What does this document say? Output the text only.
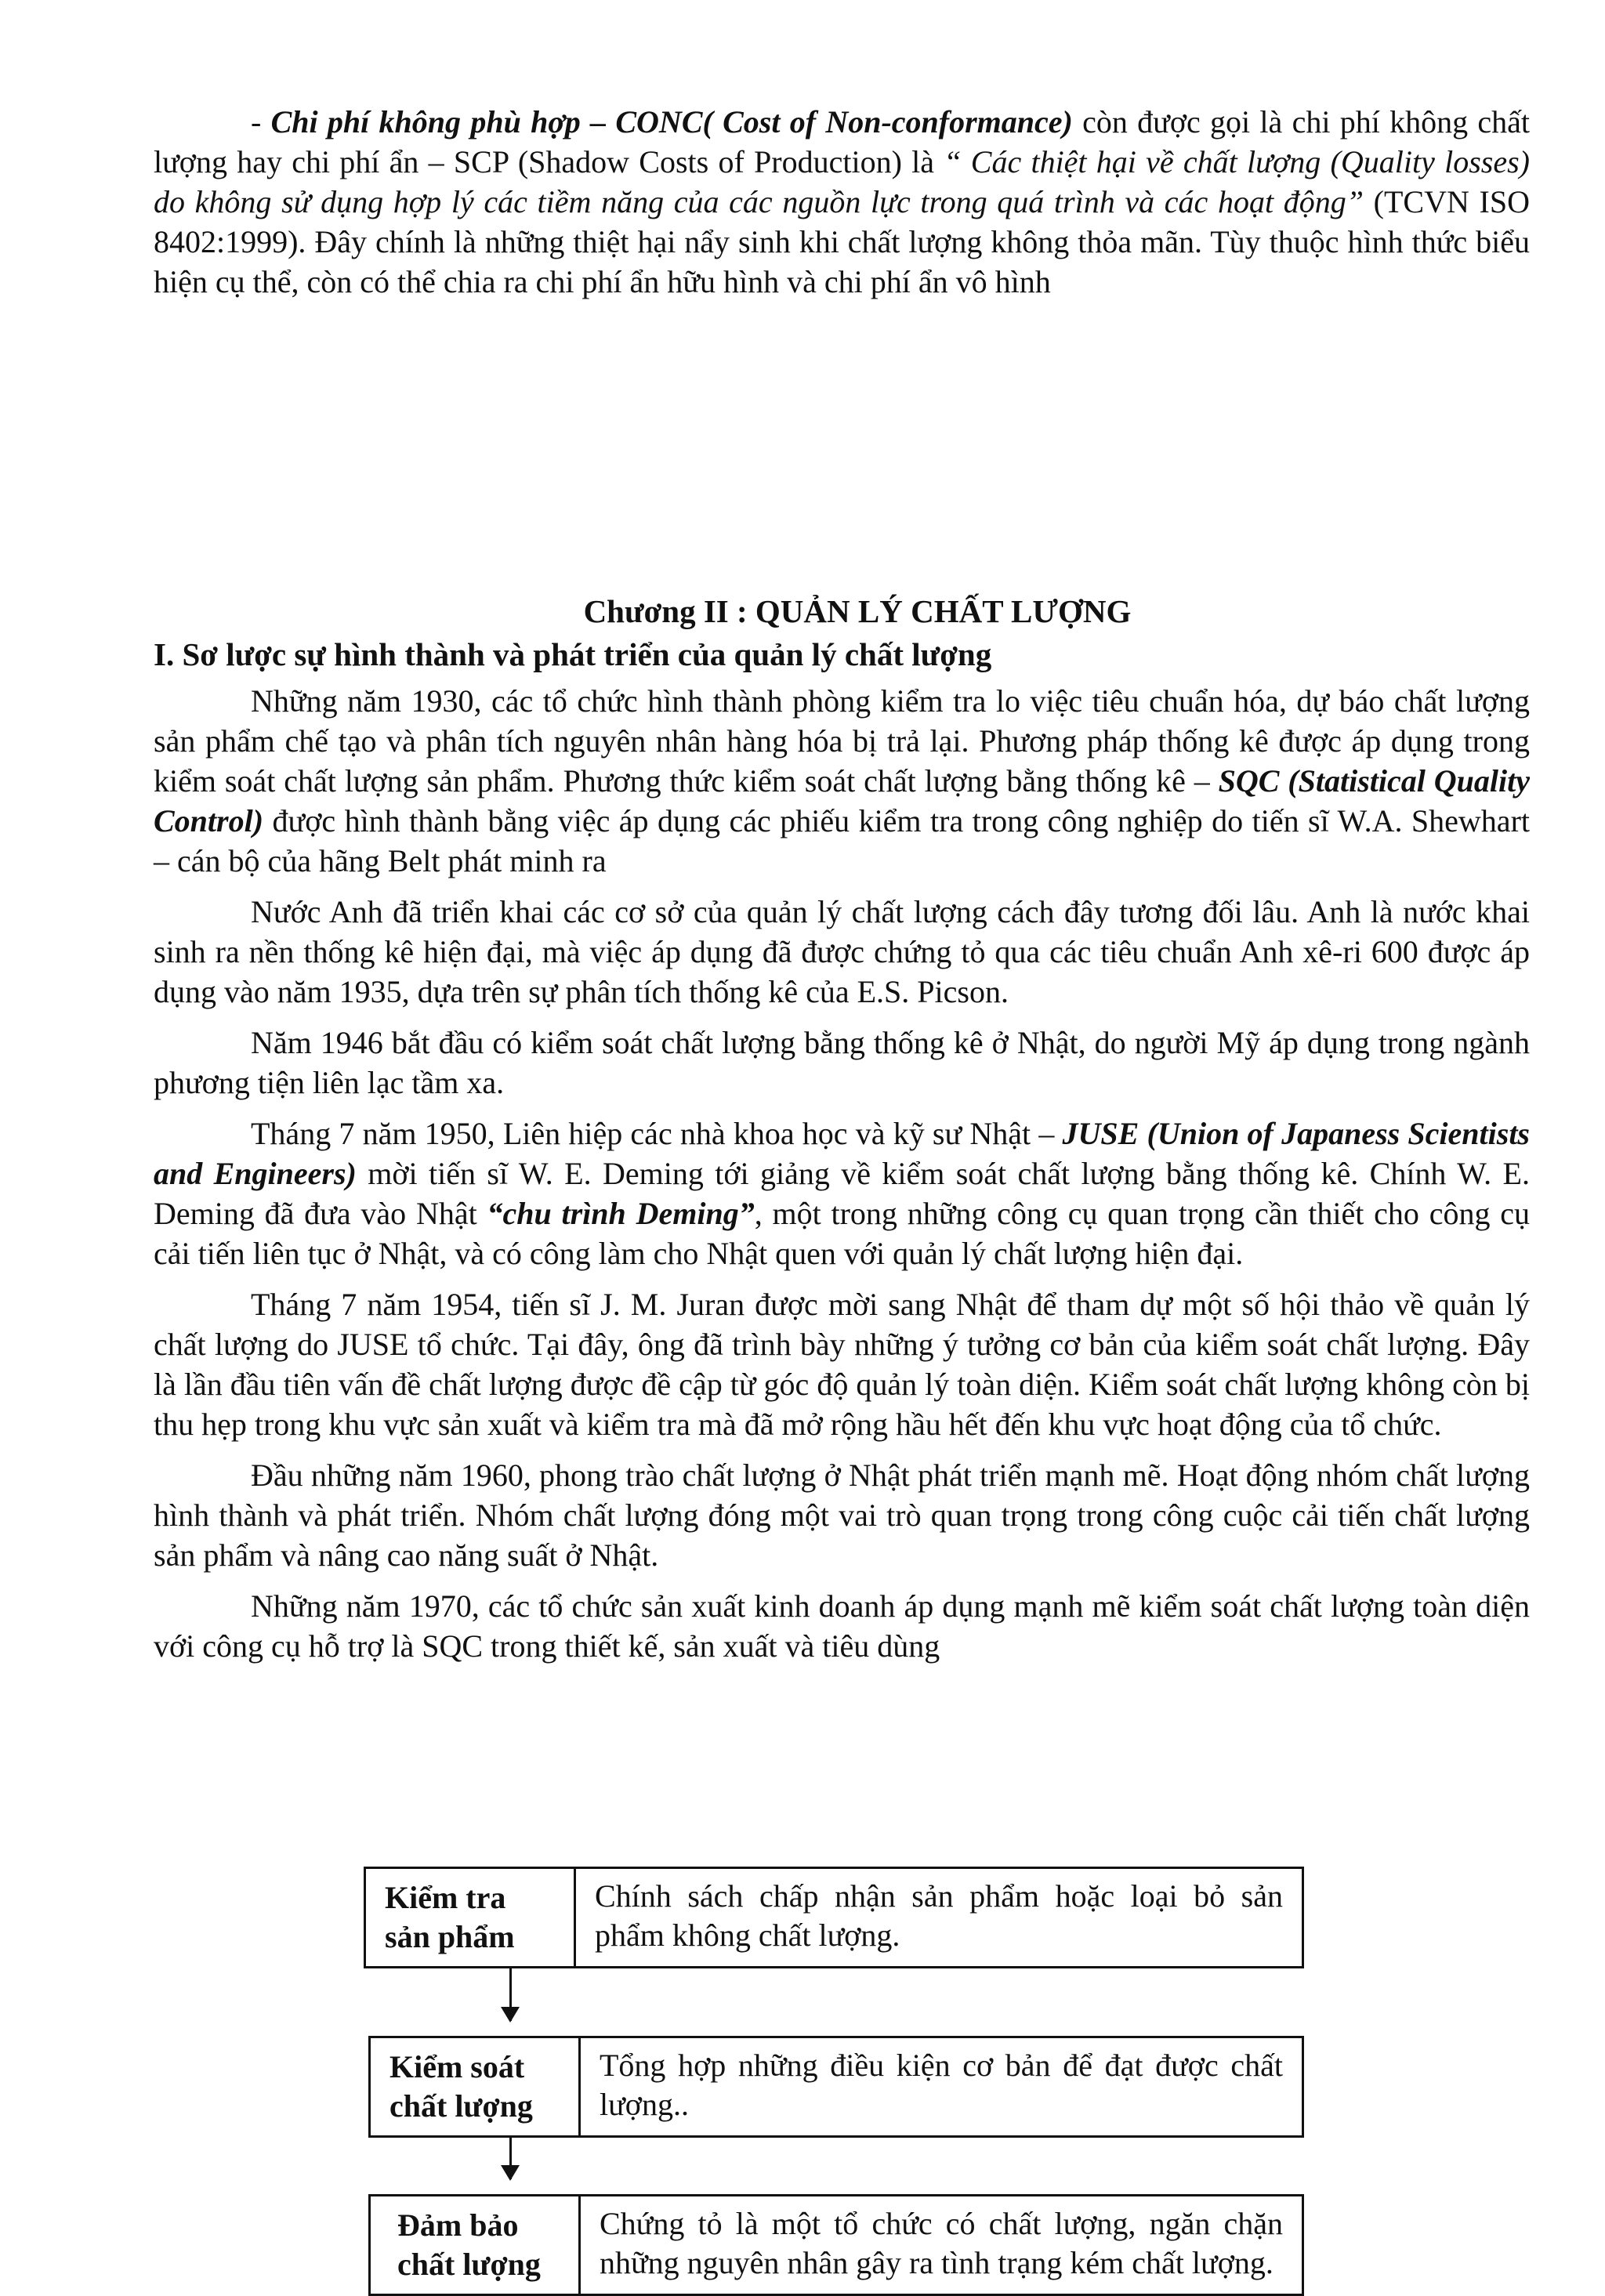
- Chi phí không phù hợp – CONC( Cost of Non-conformance) còn được gọi là chi phí không chất lượng hay chi phí ẩn – SCP (Shadow Costs of Production) là “ Các thiệt hại về chất lượng (Quality losses) do không sử dụng hợp lý các tiềm năng của các nguồn lực trong quá trình và các hoạt động” (TCVN ISO 8402:1999). Đây chính là những thiệt hại nẩy sinh khi chất lượng không thỏa mãn. Tùy thuộc hình thức biểu hiện cụ thể, còn có thể chia ra chi phí ẩn hữu hình và chi phí ẩn vô hình

Chương II : QUẢN LÝ CHẤT LƯỢNG
I. Sơ lược sự hình thành và phát triển của quản lý chất lượng

Những năm 1930, các tổ chức hình thành phòng kiểm tra lo việc tiêu chuẩn hóa, dự báo chất lượng sản phẩm chế tạo và phân tích nguyên nhân hàng hóa bị trả lại. Phương pháp thống kê được áp dụng trong kiểm soát chất lượng sản phẩm. Phương thức kiểm soát chất lượng bằng thống kê – SQC (Statistical Quality Control) được hình thành bằng việc áp dụng các phiếu kiểm tra trong công nghiệp do tiến sĩ W.A. Shewhart – cán bộ của hãng Belt phát minh ra

Nước Anh đã triển khai các cơ sở của quản lý chất lượng cách đây tương đối lâu. Anh là nước khai sinh ra nền thống kê hiện đại, mà việc áp dụng đã được chứng tỏ qua các tiêu chuẩn Anh xê-ri 600 được áp dụng vào năm 1935, dựa trên sự phân tích thống kê của E.S. Picson.

Năm 1946 bắt đầu có kiểm soát chất lượng bằng thống kê ở Nhật, do người Mỹ áp dụng trong ngành phương tiện liên lạc tầm xa.

Tháng 7 năm 1950, Liên hiệp các nhà khoa học và kỹ sư Nhật – JUSE (Union of Japaness Scientists and Engineers) mời tiến sĩ W. E. Deming tới giảng về kiểm soát chất lượng bằng thống kê. Chính W. E. Deming đã đưa vào Nhật “chu trình Deming”, một trong những công cụ quan trọng cần thiết cho công cụ cải tiến liên tục ở Nhật, và có công làm cho Nhật quen với quản lý chất lượng hiện đại.

Tháng 7 năm 1954, tiến sĩ J. M. Juran được mời sang Nhật để tham dự một số hội thảo về quản lý chất lượng do JUSE tổ chức. Tại đây, ông đã trình bày những ý tưởng cơ bản của kiểm soát chất lượng. Đây là lần đầu tiên vấn đề chất lượng được đề cập từ góc độ quản lý toàn diện. Kiểm soát chất lượng không còn bị thu hẹp trong khu vực sản xuất và kiểm tra mà đã mở rộng hầu hết đến khu vực hoạt động của tổ chức.

Đầu những năm 1960, phong trào chất lượng ở Nhật phát triển mạnh mẽ. Hoạt động nhóm chất lượng hình thành và phát triển. Nhóm chất lượng đóng một vai trò quan trọng trong công cuộc cải tiến chất lượng sản phẩm và nâng cao năng suất ở Nhật.

Những năm 1970, các tổ chức sản xuất kinh doanh áp dụng mạnh mẽ kiểm soát chất lượng toàn diện với công cụ hỗ trợ là SQC trong thiết kế, sản xuất và tiêu dùng

Kiểm tra
sản phẩm
Chính sách chấp nhận sản phẩm hoặc loại bỏ sản phẩm không chất lượng.
Kiểm soát
chất lượng
Tổng hợp những điều kiện cơ bản để đạt được chất lượng..
Đảm bảo
chất lượng
Chứng tỏ là một tổ chức có chất lượng, ngăn chặn những nguyên nhân gây ra tình trạng kém chất lượng.
